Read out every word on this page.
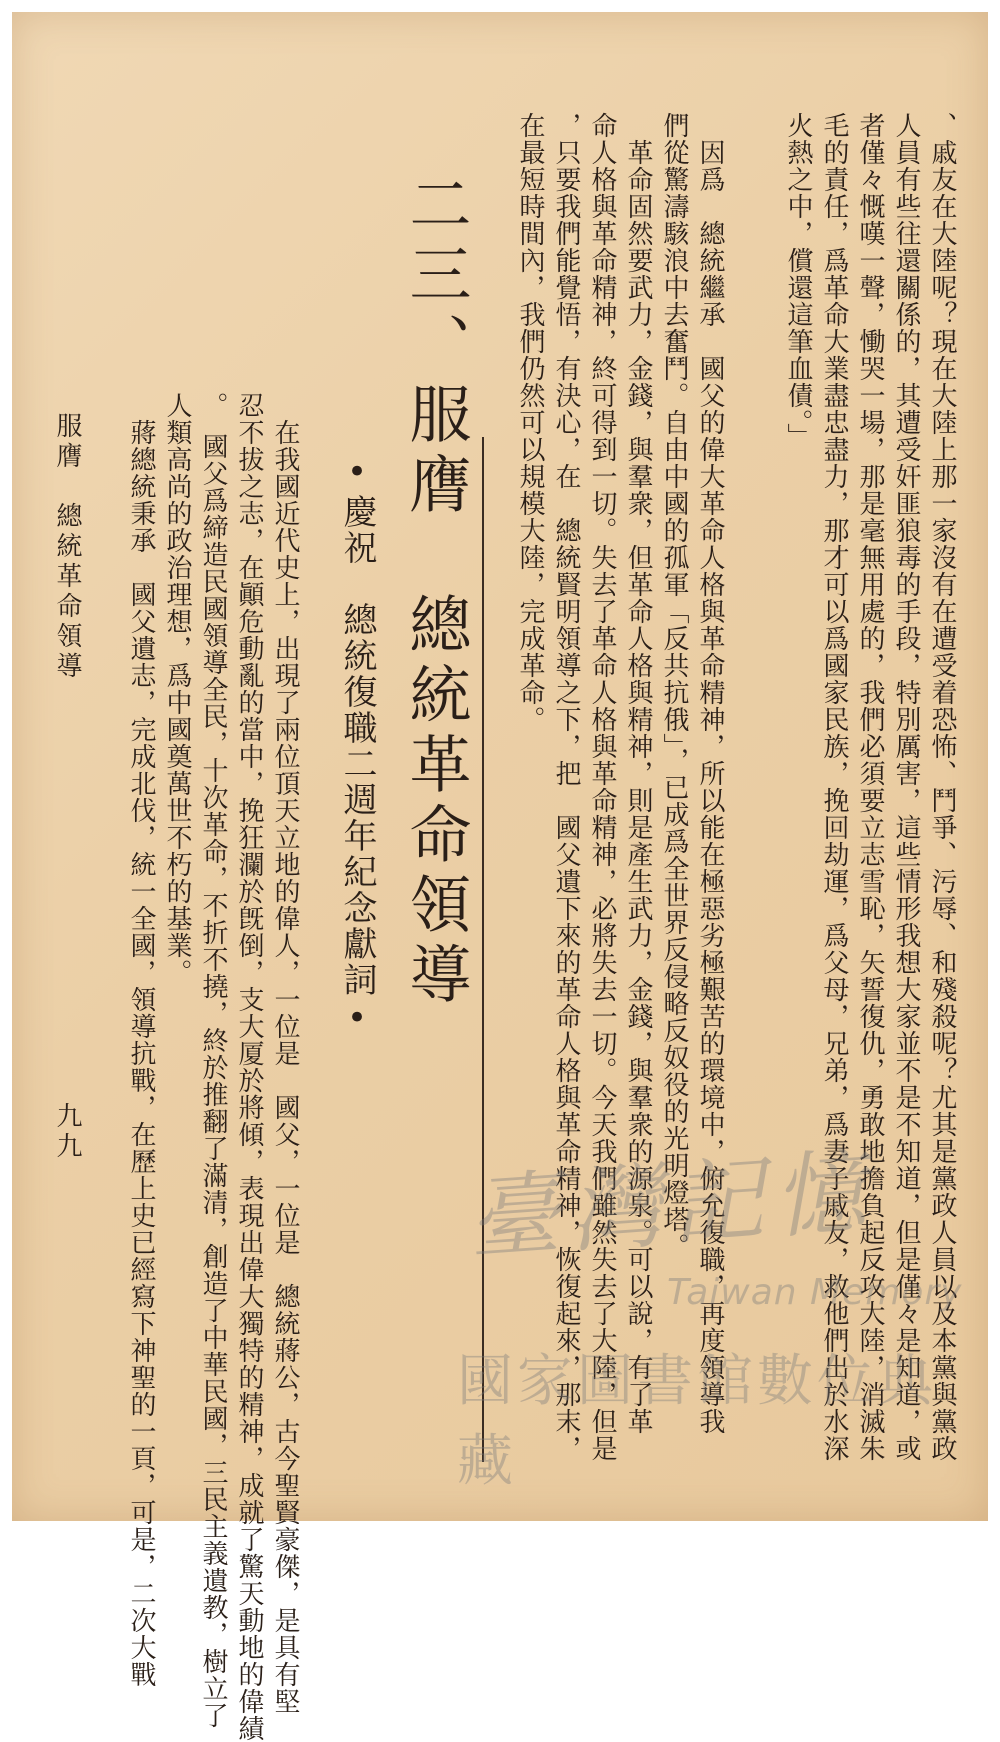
、戚友在大陸呢？現在大陸上那一家沒有在遭受着恐怖、鬥爭、污辱、和殘殺呢？尤其是黨政人員以及本黨與黨政
人員有些往還關係的，其遭受奸匪狼毒的手段，特別厲害，這些情形我想大家並不是不知道，但是僅々是知道，或
者僅々慨嘆一聲，慟哭一場，那是毫無用處的，我們必須要立志雪恥，矢誓復仇，勇敢地擔負起反攻大陸，消滅朱
毛的責任，爲革命大業盡忠盡力，那才可以爲國家民族，挽回劫運，爲父母，兄弟，爲妻子戚友，救他們出於水深
火熱之中，償還這筆血債。」
　因爲　總統繼承　國父的偉大革命人格與革命精神，所以能在極惡劣極艱苦的環境中，俯允復職，再度領導我
們從驚濤駭浪中去奮鬥。自由中國的孤軍「反共抗俄」，已成爲全世界反侵略反奴役的光明燈塔。
　革命固然要武力，金錢，與羣衆，但革命人格與精神，則是產生武力，金錢，與羣衆的源泉。可以說，有了革
命人格與革命精神，終可得到一切。失去了革命人格與革命精神，必將失去一切。今天我們雖然失去了大陸，但是
，只要我們能覺悟，有決心，在　總統賢明領導之下，把　國父遺下來的革命人格與革命精神，恢復起來，那末，
在最短時間內，我們仍然可以規模大陸，完成革命。
二三、服膺　總統革命領導
•慶祝　總統復職二週年紀念獻詞•
　在我國近代史上，出現了兩位頂天立地的偉人，一位是　國父，一位是　總統蔣公，古今聖賢豪傑，是具有堅
忍不拔之志，在顚危動亂的當中，挽狂瀾於旣倒，支大厦於將傾，表現出偉大獨特的精神，成就了驚天動地的偉績
。　國父爲締造民國領導全民，十次革命，不折不撓，終於推翻了滿清，創造了中華民國，三民主義遺教，樹立了
人類高尚的政治理想，爲中國奠萬世不朽的基業。
　蔣總統秉承　國父遺志，完成北伐，統一全國，領導抗戰，在歷上史已經寫下神聖的一頁，可是，二次大戰
服膺　總統革命領導
九九
臺灣記憶
Taiwan Memory
國家圖書館數位典藏
